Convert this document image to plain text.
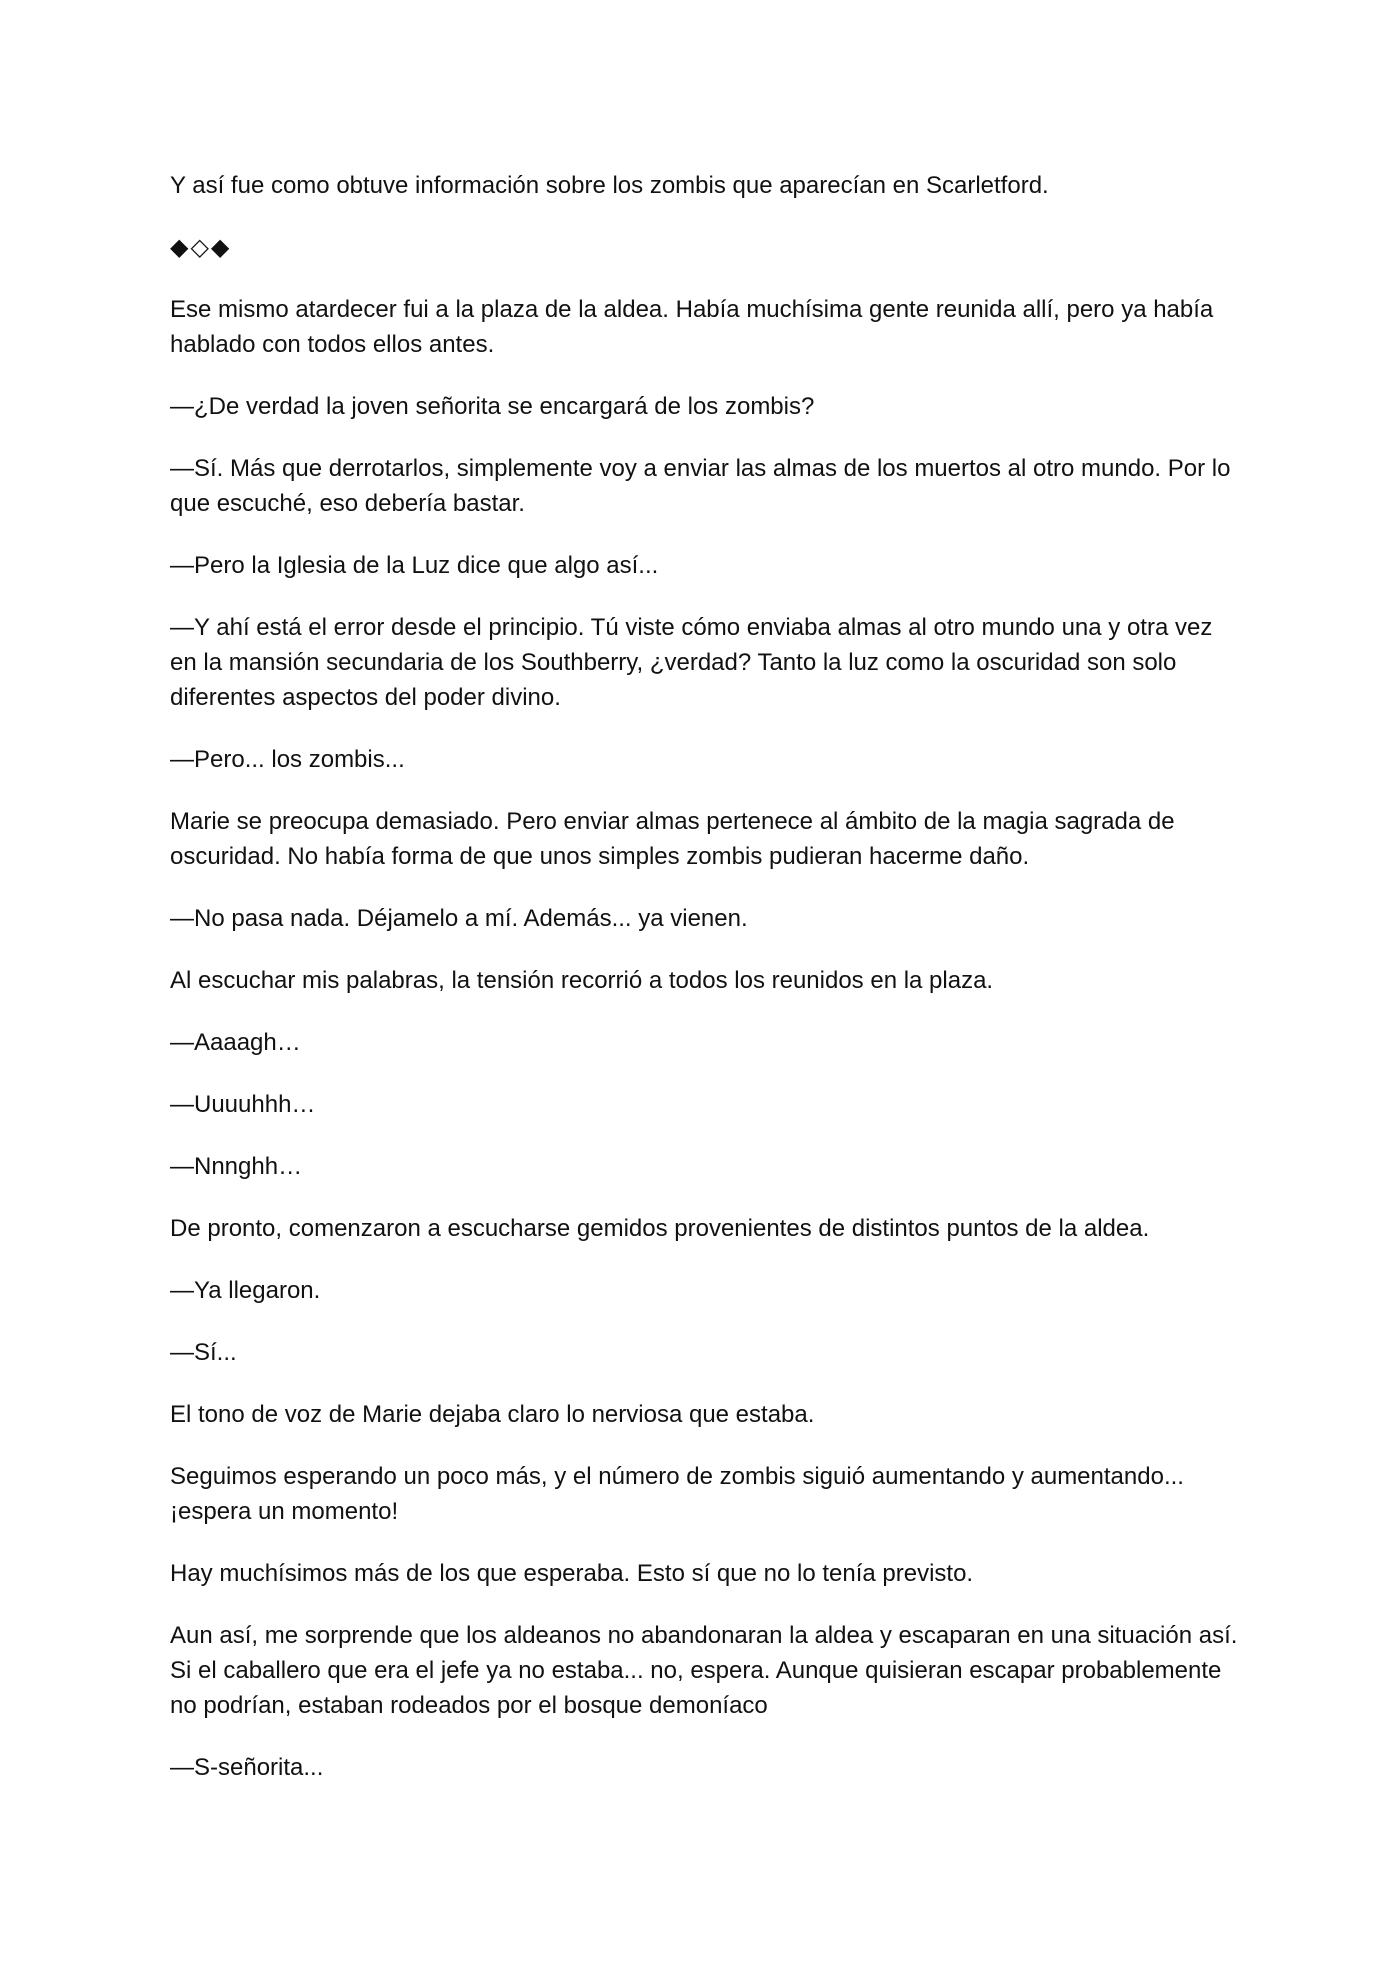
Y así fue como obtuve información sobre los zombis que aparecían en Scarletford.

◆◇◆

Ese mismo atardecer fui a la plaza de la aldea. Había muchísima gente reunida allí, pero ya había hablado con todos ellos antes.

—¿De verdad la joven señorita se encargará de los zombis?

—Sí. Más que derrotarlos, simplemente voy a enviar las almas de los muertos al otro mundo. Por lo que escuché, eso debería bastar.

—Pero la Iglesia de la Luz dice que algo así...

—Y ahí está el error desde el principio. Tú viste cómo enviaba almas al otro mundo una y otra vez en la mansión secundaria de los Southberry, ¿verdad? Tanto la luz como la oscuridad son solo diferentes aspectos del poder divino.

—Pero... los zombis...

Marie se preocupa demasiado. Pero enviar almas pertenece al ámbito de la magia sagrada de oscuridad. No había forma de que unos simples zombis pudieran hacerme daño.

—No pasa nada. Déjamelo a mí. Además... ya vienen.

Al escuchar mis palabras, la tensión recorrió a todos los reunidos en la plaza.

—Aaaagh…

—Uuuuhhh…

—Nnnghh…

De pronto, comenzaron a escucharse gemidos provenientes de distintos puntos de la aldea.

—Ya llegaron.

—Sí...

El tono de voz de Marie dejaba claro lo nerviosa que estaba.

Seguimos esperando un poco más, y el número de zombis siguió aumentando y aumentando... ¡espera un momento!

Hay muchísimos más de los que esperaba. Esto sí que no lo tenía previsto.

Aun así, me sorprende que los aldeanos no abandonaran la aldea y escaparan en una situación así. Si el caballero que era el jefe ya no estaba... no, espera. Aunque quisieran escapar probablemente no podrían, estaban rodeados por el bosque demoníaco

—S-señorita...
